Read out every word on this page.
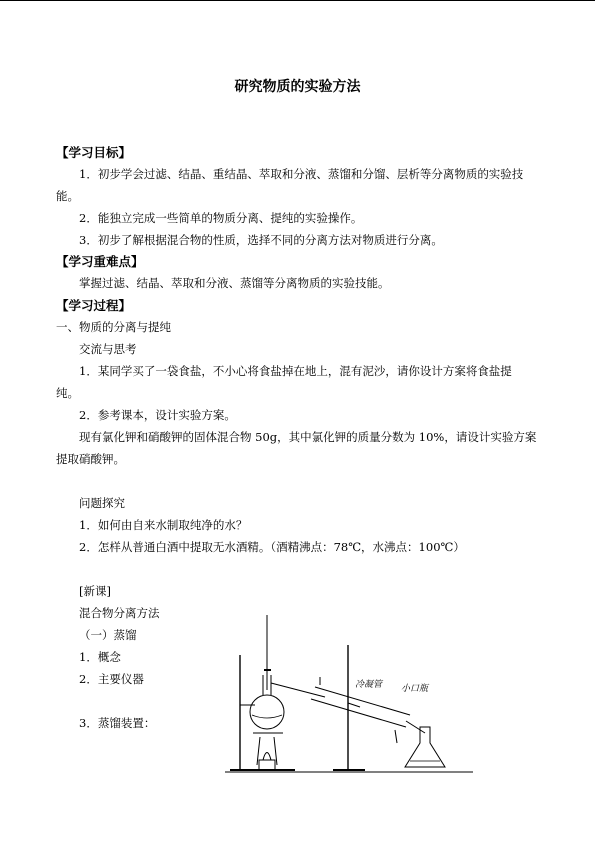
研究物质的实验方法
【学习目标】
1．初步学会过滤、结晶、重结晶、萃取和分液、蒸馏和分馏、层析等分离物质的实验技
能。
2．能独立完成一些简单的物质分离、提纯的实验操作。
3．初步了解根据混合物的性质，选择不同的分离方法对物质进行分离。
【学习重难点】
掌握过滤、结晶、萃取和分液、蒸馏等分离物质的实验技能。
【学习过程】
一、物质的分离与提纯
交流与思考
1．某同学买了一袋食盐，不小心将食盐掉在地上，混有泥沙，请你设计方案将食盐提
纯。
2．参考课本，设计实验方案。
现有氯化钾和硝酸钾的固体混合物 50g，其中氯化钾的质量分数为 10%，请设计实验方案
提取硝酸钾。
问题探究
1．如何由自来水制取纯净的水？
2．怎样从普通白酒中提取无水酒精。（酒精沸点：78℃，水沸点：100℃）
[新课]
混合物分离方法
（一）蒸馏
1．概念
2．主要仪器
3．蒸馏装置：
冷凝管 小口瓶
